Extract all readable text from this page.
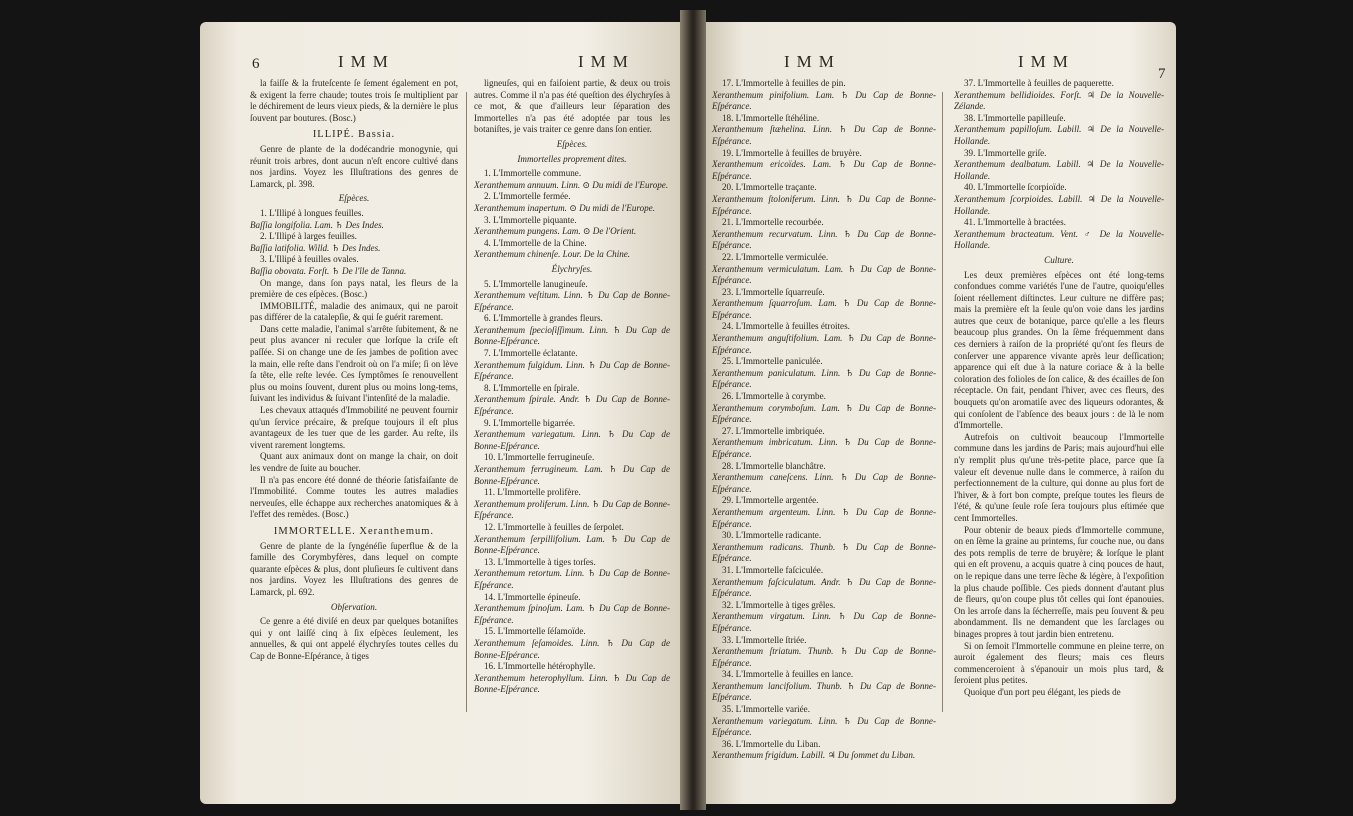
6	IMM	IMM

la faiſſe & la fruteſcente ſe ſement également en pot, & exigent la ferre chaude; toutes trois ſe multiplient par le déchirement de leurs vieux pieds, & la dernière le plus ſouvent par boutures. (Bosc.)

ILLIPÉ. Bassia.

Genre de plante de la dodécandrie monogynie, qui réunit trois arbres, dont aucun n'eſt encore cultivé dans nos jardins. Voyez les Illuſtrations des genres de Lamarck, pl. 398.

Eſpèces.

1. L'Illipé à longues feuilles.

Baſſia longifolia. Lam. ♄ Des Indes.

2. L'Illipé à larges feuilles.

Baſſia latifolia. Willd. ♄ Des Indes.

3. L'Illipé à feuilles ovales.

Baſſia obovata. Forſt. ♄ De l'île de Tanna.

On mange, dans ſon pays natal, les fleurs de la première de ces eſpèces. (Bosc.)

IMMOBILITÉ, maladie des animaux, qui ne paroit pas différer de la catalepſie, & qui ſe guérit rarement.

Dans cette maladie, l'animal s'arrête ſubitement, & ne peut plus avancer ni reculer que lorſque la criſe eſt paſſée. Si on change une de ſes jambes de poſition avec la main, elle reſte dans l'endroit où on l'a miſe; ſi on lève ſa tête, elle reſte levée. Ces ſymptômes ſe renouvellent plus ou moins ſouvent, durent plus ou moins long-tems, ſuivant les individus & ſuivant l'intenſité de la maladie.

Les chevaux attaqués d'Immobilité ne peuvent fournir qu'un ſervice précaire, & preſque toujours il eſt plus avantageux de les tuer que de les garder. Au reſte, ils vivent rarement longtems.

Quant aux animaux dont on mange la chair, on doit les vendre de ſuite au boucher.

Il n'a pas encore été donné de théorie ſatisfaiſante de l'Immobilité. Comme toutes les autres maladies nerveuſes, elle échappe aux recherches anatomiques & à l'effet des remèdes. (Bosc.)

IMMORTELLE. Xeranthemum.

Genre de plante de la ſyngénéſie ſuperflue & de la famille des Corymbyfères, dans lequel on compte quarante eſpèces & plus, dont pluſieurs ſe cultivent dans nos jardins. Voyez les Illuſtrations des genres de Lamarck, pl. 692.

Obſervation.

Ce genre a été diviſé en deux par quelques botaniſtes qui y ont laiſſé cinq à ſix eſpèces ſeulement, les annuelles, & qui ont appelé élychryſes toutes celles du Cap de Bonne-Eſpérance, à tiges

ligneuſes, qui en faiſoient partie, & deux ou trois autres. Comme il n'a pas été queſtion des élychryſes à ce mot, & que d'ailleurs leur ſéparation des Immortelles n'a pas été adoptée par tous les botaniſtes, je vais traiter ce genre dans ſon entier.

Eſpèces.

Immortelles proprement dites.

1. L'Immortelle commune.

Xeranthemum annuum. Linn. ⊙ Du midi de l'Europe.

2. L'Immortelle fermée.

Xeranthemum inapertum. ⊙ Du midi de l'Europe.

3. L'Immortelle piquante.

Xeranthemum pungens. Lam. ⊙ De l'Orient.

4. L'Immortelle de la Chine.

Xeranthemum chinenſe. Lour. De la Chine.

Élychryſes.

5. L'Immortelle lanugineuſe.

Xeranthemum veſtitum. Linn. ♄ Du Cap de Bonne-Eſpérance.

6. L'Immortelle à grandes fleurs.

Xeranthemum ſpecioſiſſimum. Linn. ♄ Du Cap de Bonne-Eſpérance.

7. L'Immortelle éclatante.

Xeranthemum fulgidum. Linn. ♄ Du Cap de Bonne-Eſpérance.

8. L'Immortelle en ſpirale.

Xeranthemum ſpirale. Andr. ♄ Du Cap de Bonne-Eſpérance.

9. L'Immortelle bigarrée.

Xeranthemum variegatum. Linn. ♄ Du Cap de Bonne-Eſpérance.

10. L'Immortelle ferrugineuſe.

Xeranthemum ferrugineum. Lam. ♄ Du Cap de Bonne-Eſpérance.

11. L'Immortelle prolifère.

Xeranthemum proliferum. Linn. ♄ Du Cap de Bonne-Eſpérance.

12. L'Immortelle à feuilles de ſerpolet.

Xeranthemum ſerpillifolium. Lam. ♄ Du Cap de Bonne-Eſpérance.

13. L'Immortelle à tiges torſes.

Xeranthemum retortum. Linn. ♄ Du Cap de Bonne-Eſpérance.

14. L'Immortelle épineuſe.

Xeranthemum ſpinoſum. Lam. ♄ Du Cap de Bonne-Eſpérance.

15. L'Immortelle ſéſamoïde.

Xeranthemum ſeſamoides. Linn. ♄ Du Cap de Bonne-Eſpérance.

16. L'Immortelle hétérophylle.

Xeranthemum heterophyllum. Linn. ♄ Du Cap de Bonne-Eſpérance.

IMM	IMM
7

17. L'Immortelle à feuilles de pin.

Xeranthemum pinifolium. Lam. ♄ Du Cap de Bonne-Eſpérance.

18. L'Immortelle ſtéhéline.

Xeranthemum ſtæhelina. Linn. ♄ Du Cap de Bonne-Eſpérance.

19. L'Immortelle à feuilles de bruyère.

Xeranthemum ericoïdes. Lam. ♄ Du Cap de Bonne-Eſpérance.

20. L'Immortelle traçante.

Xeranthemum ſtoloniferum. Linn. ♄ Du Cap de Bonne-Eſpérance.

21. L'Immortelle recourbée.

Xeranthemum recurvatum. Linn. ♄ Du Cap de Bonne-Eſpérance.

22. L'Immortelle vermiculée.

Xeranthemum vermiculatum. Lam. ♄ Du Cap de Bonne-Eſpérance.

23. L'Immortelle ſquarreuſe.

Xeranthemum ſquarroſum. Lam. ♄ Du Cap de Bonne-Eſpérance.

24. L'Immortelle à feuilles étroites.

Xeranthemum anguſtifolium. Lam. ♄ Du Cap de Bonne-Eſpérance.

25. L'Immortelle paniculée.

Xeranthemum paniculatum. Linn. ♄ Du Cap de Bonne-Eſpérance.

26. L'Immortelle à corymbe.

Xeranthemum corymboſum. Lam. ♄ Du Cap de Bonne-Eſpérance.

27. L'Immortelle imbriquée.

Xeranthemum imbricatum. Linn. ♄ Du Cap de Bonne-Eſpérance.

28. L'Immortelle blanchâtre.

Xeranthemum caneſcens. Linn. ♄ Du Cap de Bonne-Eſpérance.

29. L'Immortelle argentée.

Xeranthemum argenteum. Linn. ♄ Du Cap de Bonne-Eſpérance.

30. L'Immortelle radicante.

Xeranthemum radicans. Thunb. ♄ Du Cap de Bonne-Eſpérance.

31. L'Immortelle faſciculée.

Xeranthemum faſciculatum. Andr. ♄ Du Cap de Bonne-Eſpérance.

32. L'Immortelle à tiges grêles.

Xeranthemum virgatum. Linn. ♄ Du Cap de Bonne-Eſpérance.

33. L'Immortelle ſtriée.

Xeranthemum ſtriatum. Thunb. ♄ Du Cap de Bonne-Eſpérance.

34. L'Immortelle à feuilles en lance.

Xeranthemum lancifolium. Thunb. ♄ Du Cap de Bonne-Eſpérance.

35. L'Immortelle variée.

Xeranthemum variegatum. Linn. ♄ Du Cap de Bonne-Eſpérance.

36. L'Immortelle du Liban.

Xeranthemum frigidum. Labill. ♃ Du ſommet du Liban.

37. L'Immortelle à feuilles de paquerette.

Xeranthemum bellidioides. Forſt. ♃ De la Nouvelle-Zélande.

38. L'Immortelle papilleuſe.

Xeranthemum papilloſum. Labill. ♃ De la Nouvelle-Hollande.

39. L'Immortelle griſe.

Xeranthemum dealbatum. Labill. ♃ De la Nouvelle-Hollande.

40. L'Immortelle ſcorpioïde.

Xeranthemum ſcorpioides. Labill. ♃ De la Nouvelle-Hollande.

41. L'Immortelle à bractées.

Xeranthemum bracteatum. Vent. ♂ De la Nouvelle-Hollande.

Culture.

Les deux premières eſpèces ont été long-tems confondues comme variétés l'une de l'autre, quoiqu'elles ſoient réellement diſtinctes. Leur culture ne diffère pas; mais la première eſt la ſeule qu'on voie dans les jardins autres que ceux de botanique, parce qu'elle a les fleurs beaucoup plus grandes. On la ſème fréquemment dans ces derniers à raiſon de la propriété qu'ont ſes fleurs de conſerver une apparence vivante après leur deſſication; apparence qui eſt due à la nature coriace & à la belle coloration des folioles de ſon calice, & des écailles de ſon réceptacle. On fait, pendant l'hiver, avec ces fleurs, des bouquets qu'on aromatiſe avec des liqueurs odorantes, & qui conſolent de l'abſence des beaux jours : de là le nom d'Immortelle.

Autrefois on cultivoit beaucoup l'Immortelle commune dans les jardins de Paris; mais aujourd'hui elle n'y remplit plus qu'une très-petite place, parce que ſa valeur eſt devenue nulle dans le commerce, à raiſon du perfectionnement de la culture, qui donne au plus fort de l'hiver, & à fort bon compte, preſque toutes les fleurs de l'été, & qu'une ſeule roſe ſera toujours plus eſtimée que cent Immortelles.

Pour obtenir de beaux pieds d'Immortelle commune, on en ſème la graine au printems, ſur couche nue, ou dans des pots remplis de terre de bruyère; & lorſque le plant qui en eſt provenu, a acquis quatre à cinq pouces de haut, on le repique dans une terre ſèche & légère, à l'expoſition la plus chaude poſſible. Ces pieds donnent d'autant plus de fleurs, qu'on coupe plus tôt celles qui ſont épanouies. On les arroſe dans la ſécherreſſe, mais peu ſouvent & peu abondamment. Ils ne demandent que les ſarclages ou binages propres à tout jardin bien entretenu.

Si on ſemoit l'Immortelle commune en pleine terre, on auroit également des fleurs; mais ces fleurs commenceroient à s'épanouir un mois plus tard, & ſeroient plus petites.

Quoique d'un port peu élégant, les pieds de
